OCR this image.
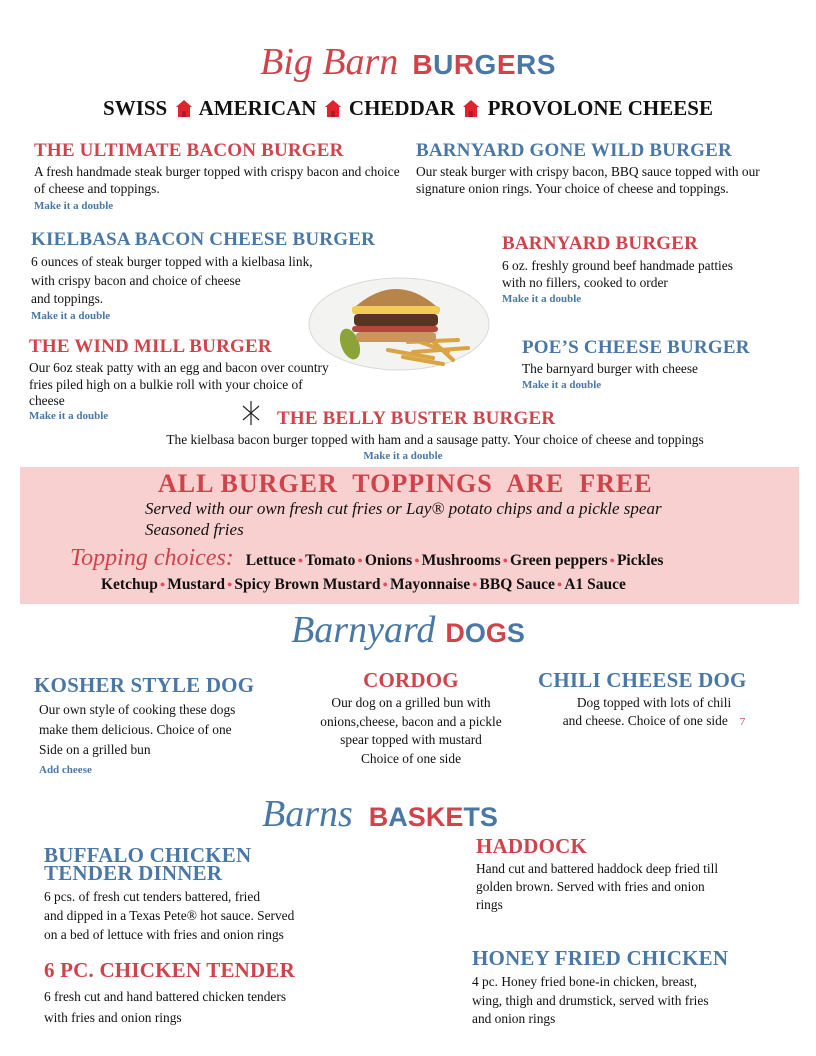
Big Barn BURGERS
SWISS AMERICAN CHEDDAR PROVOLONE CHEESE
THE ULTIMATE BACON BURGER
A fresh handmade steak burger topped with crispy bacon and choice of cheese and toppings.
Make it a double
BARNYARD GONE WILD BURGER
Our steak burger with crispy bacon, BBQ sauce topped with our signature onion rings. Your choice of cheese and toppings.
KIELBASA BACON CHEESE BURGER
6 ounces of steak burger topped with a kielbasa link,
with crispy bacon and choice of cheese
and toppings.
Make it a double
BARNYARD BURGER
6 oz. freshly ground beef handmade patties with no fillers, cooked to order
Make it a double
THE WIND MILL BURGER
Our 6oz steak patty with an egg and bacon over country fries piled high on a bulkie roll with your choice of cheese
Make it a double
POE’S CHEESE BURGER
The barnyard burger with cheese
Make it a double
THE BELLY BUSTER BURGER
The kielbasa bacon burger topped with ham and a sausage patty. Your choice of cheese and toppings
Make it a double
ALL BURGER  TOPPINGS  ARE  FREE
Served with our own fresh cut fries or Lay® potato chips and a pickle spear
Seasoned fries
Topping choices: Lettuce ● Tomato ● Onions ● Mushrooms ● Green peppers ● Pickles
Ketchup ● Mustard ● Spicy Brown Mustard ● Mayonnaise ● BBQ Sauce ● A1 Sauce
Barnyard DOGS
KOSHER STYLE DOG
Our own style of cooking these dogs
make them delicious. Choice of one
Side on a grilled bun
Add cheese
CORDOG
Our dog on a grilled bun with
onions,cheese, bacon and a pickle
spear topped with mustard
Choice of one side
CHILI CHEESE DOG
Dog topped with lots of chili
and cheese. Choice of one side 7
Barns BASKETS
BUFFALO CHICKEN
TENDER DINNER
6 pcs. of fresh cut tenders battered, fried
and dipped in a Texas Pete® hot sauce. Served
on a bed of lettuce with fries and onion rings
6 PC. CHICKEN TENDER
6 fresh cut and hand battered chicken tenders
with fries and onion rings
HADDOCK
Hand cut and battered haddock deep fried till
golden brown. Served with fries and onion
rings
HONEY FRIED CHICKEN
4 pc. Honey fried bone-in chicken, breast,
wing, thigh and drumstick, served with fries
and onion rings
